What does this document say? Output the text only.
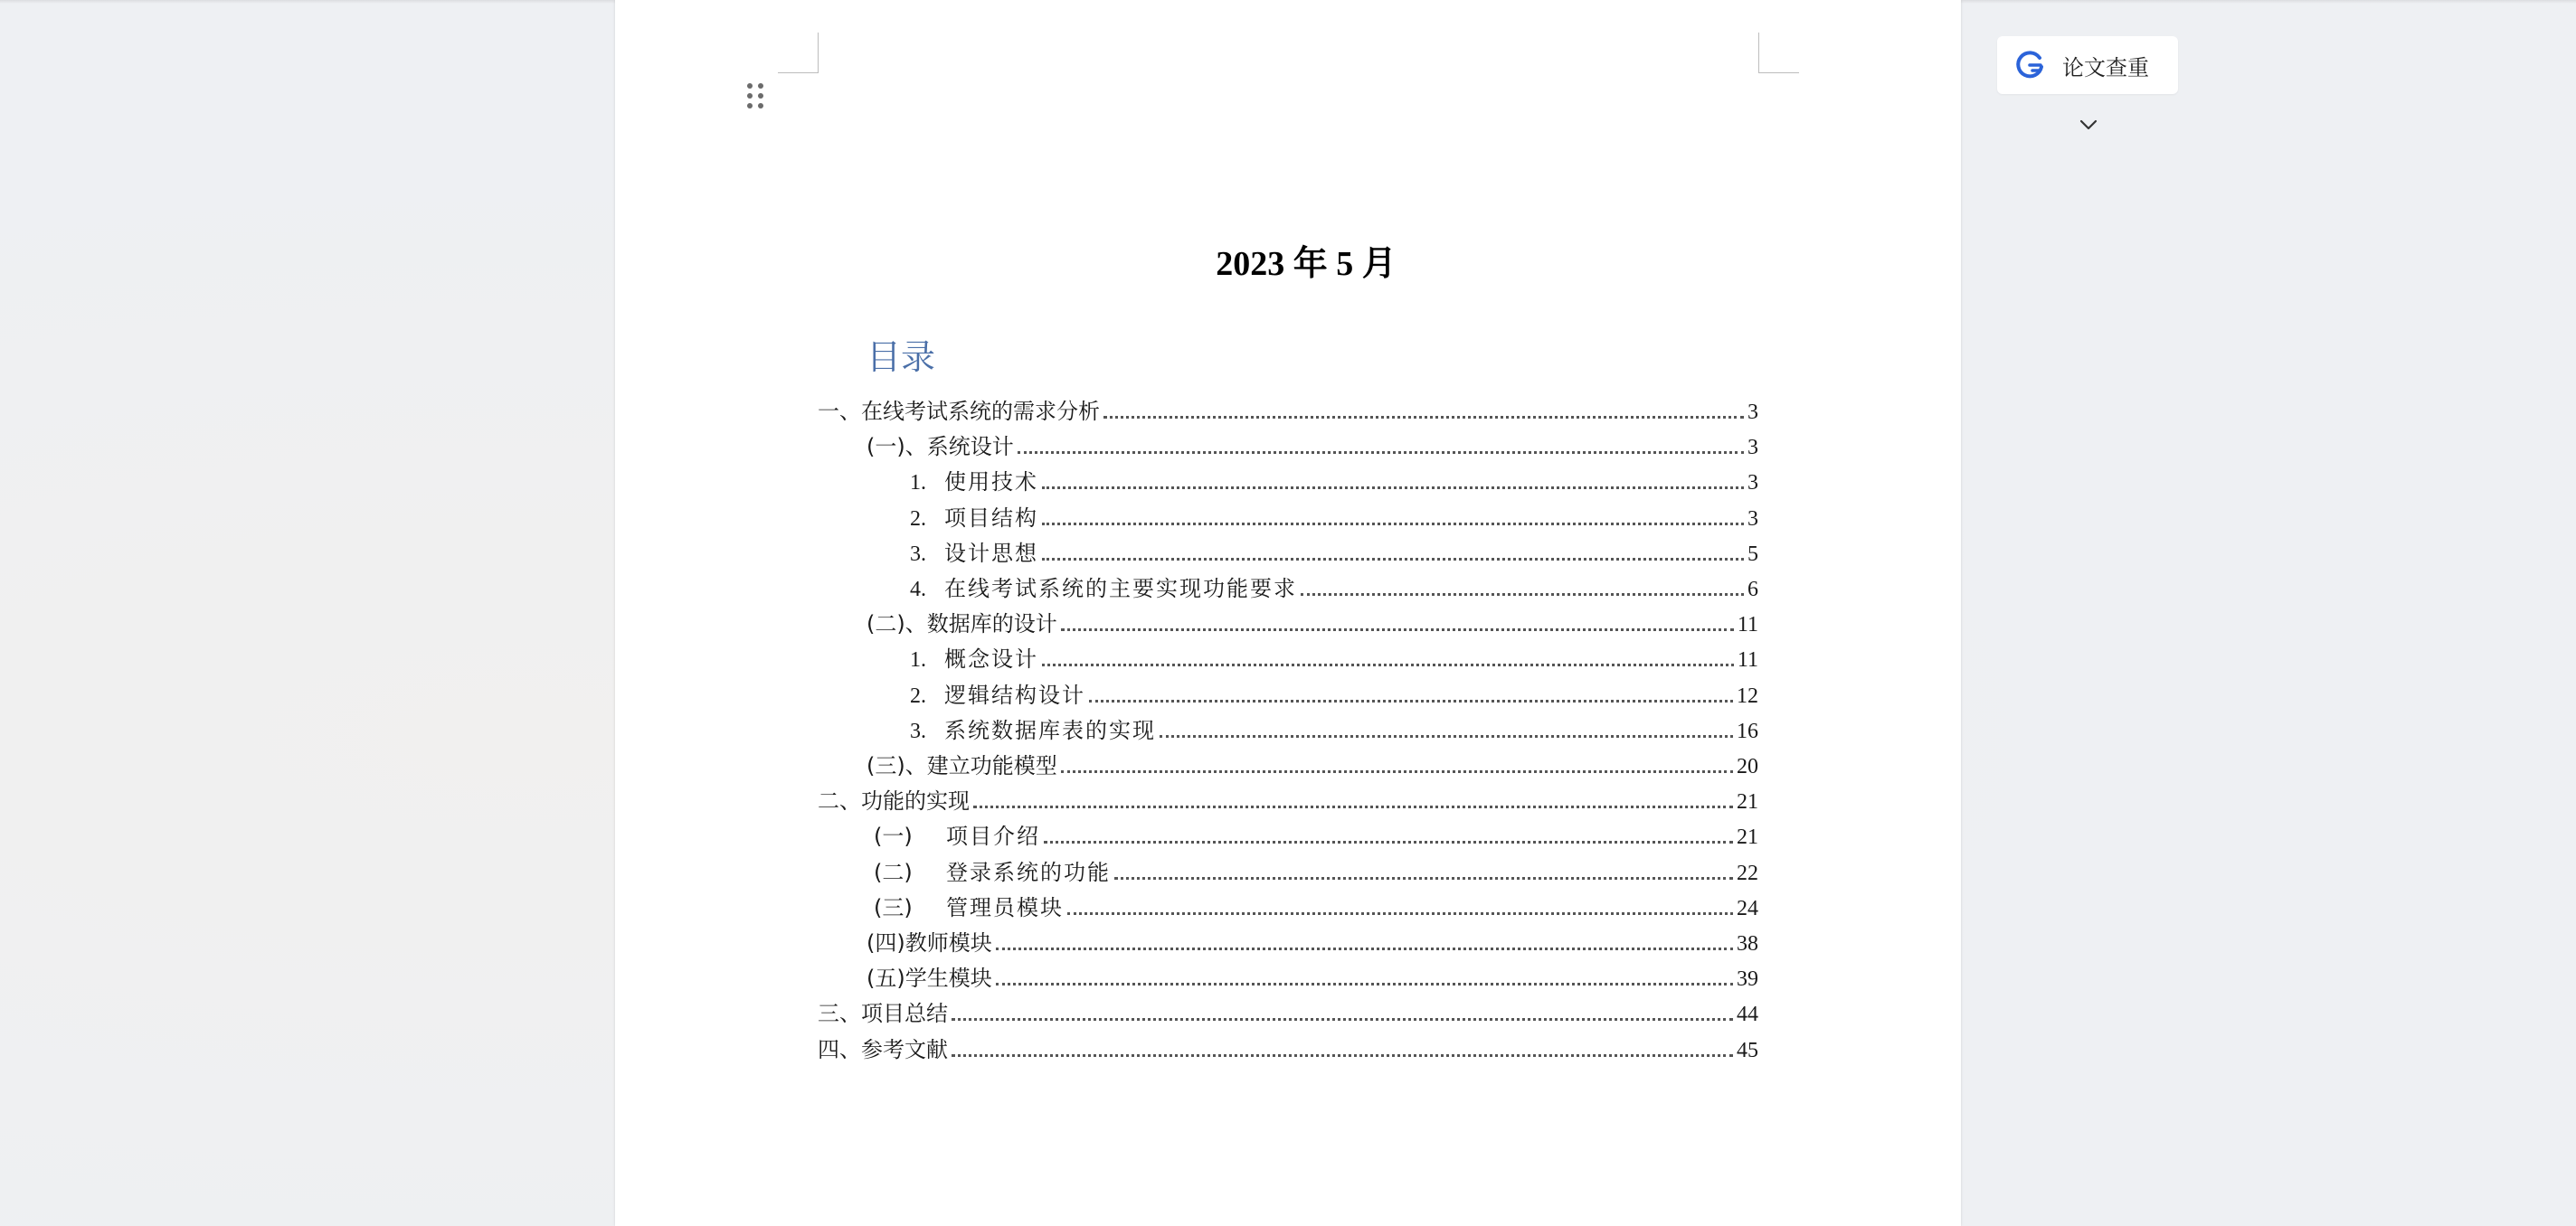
2023 年 5 月
目录
一、在线考试系统的需求分析	3
(一)、系统设计	3
1. 使用技术	3
2. 项目结构	3
3. 设计思想	5
4. 在线考试系统的主要实现功能要求	6
(二)、数据库的设计	11
1. 概念设计	11
2. 逻辑结构设计	12
3. 系统数据库表的实现	16
(三)、建立功能模型	20
二、功能的实现	21
(一)	项目介绍	21
(二)	登录系统的功能	22
(三)	管理员模块	24
(四)教师模块	38
(五)学生模块	39
三、项目总结	44
四、参考文献	45
论文查重
